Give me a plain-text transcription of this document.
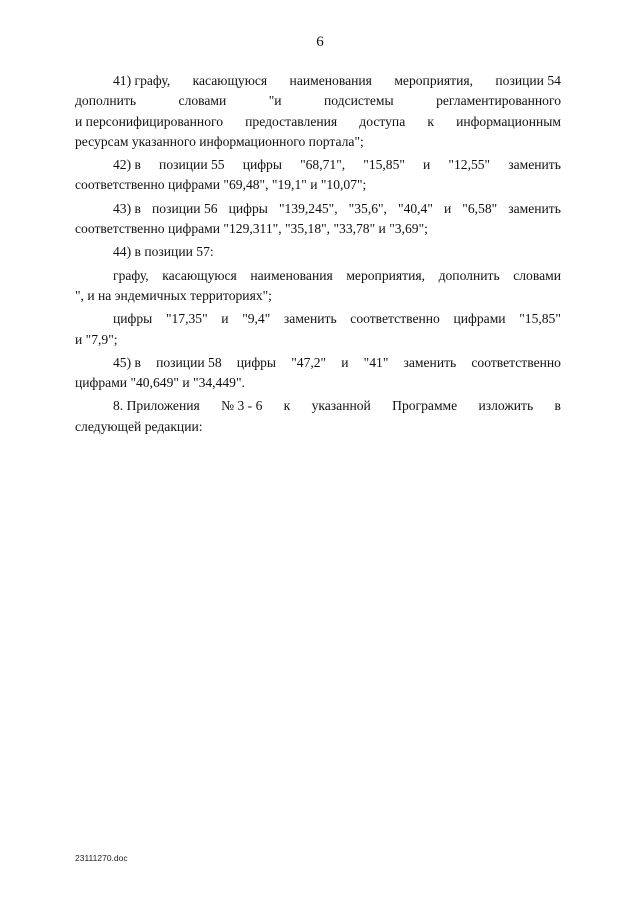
6
41) графу, касающуюся наименования мероприятия, позиции 54
дополнить	словами	"и	подсистемы	регламентированного
и персонифицированного предоставления доступа к информационным
ресурсам указанного информационного портала";
42) в позиции 55 цифры "68,71", "15,85" и "12,55" заменить
соответственно цифрами "69,48", "19,1" и "10,07";
43) в позиции 56 цифры "139,245", "35,6", "40,4" и "6,58" заменить
соответственно цифрами "129,311", "35,18", "33,78" и "3,69";
44) в позиции 57:
графу, касающуюся наименования мероприятия, дополнить словами
", и на эндемичных территориях";
цифры "17,35" и "9,4" заменить соответственно цифрами "15,85"
и "7,9";
45) в позиции 58 цифры "47,2" и "41" заменить соответственно
цифрами "40,649" и "34,449".
8. Приложения № 3 - 6 к указанной Программе изложить в
следующей редакции:
23111270.doc
